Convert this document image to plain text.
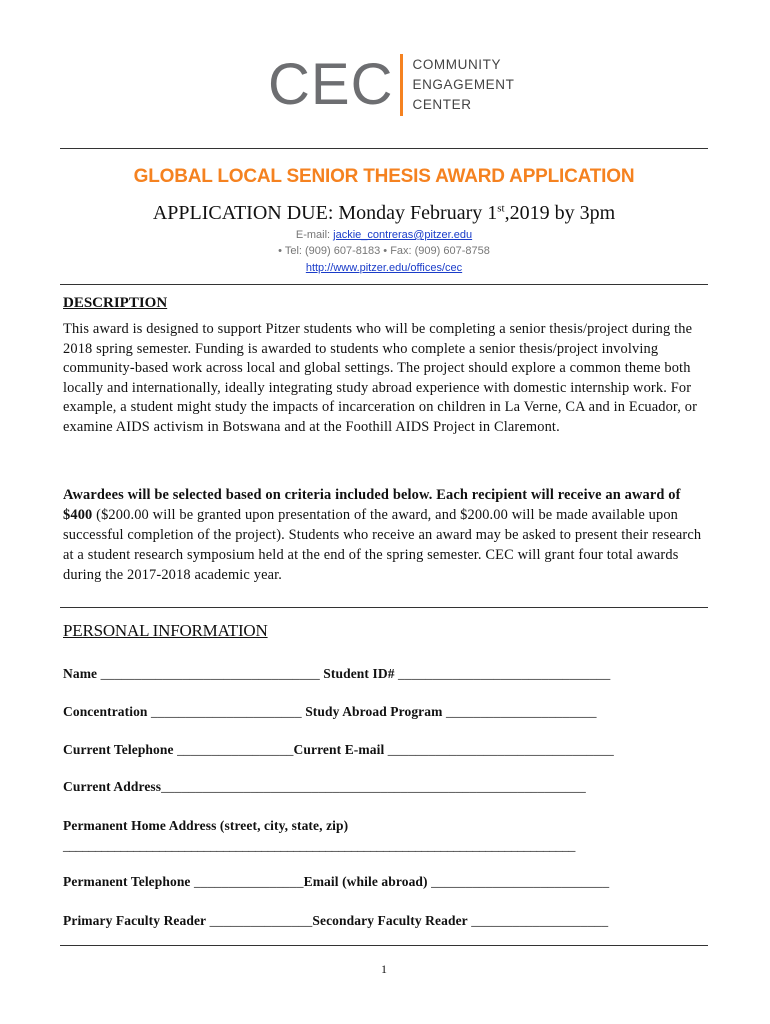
CEC COMMUNITY
ENGAGEMENT
CENTER
GLOBAL LOCAL SENIOR THESIS AWARD APPLICATION
APPLICATION DUE: Monday February 1st,2019 by 3pm
E-mail: jackie_contreras@pitzer.edu
• Tel: (909) 607-8183 • Fax: (909) 607-8758
http://www.pitzer.edu/offices/cec
DESCRIPTION

This award is designed to support Pitzer students who will be completing a senior thesis/project during the 2018 spring semester. Funding is awarded to students who complete a senior thesis/project involving community-based work across local and global settings. The project should explore a common theme both locally and internationally, ideally integrating study abroad experience with domestic internship work. For example, a student might study the impacts of incarceration on children in La Verne, CA and in Ecuador, or examine AIDS activism in Botswana and at the Foothill AIDS Project in Claremont.

Awardees will be selected based on criteria included below. Each recipient will receive an award of $400 ($200.00 will be granted upon presentation of the award, and $200.00 will be made available upon successful completion of the project). Students who receive an award may be asked to present their research at a student research symposium held at the end of the spring semester. CEC will grant four total awards during the 2017-2018 academic year.

PERSONAL INFORMATION
Name ________________________________ Student ID# _______________________________
Concentration ______________________ Study Abroad Program ______________________
Current Telephone _________________Current E-mail _________________________________
Current Address______________________________________________________________
Permanent Home Address (street, city, state, zip)
________________________________________________________________________________
Permanent Telephone ________________Email (while abroad) __________________________
Primary Faculty Reader _______________Secondary Faculty Reader ____________________
1
